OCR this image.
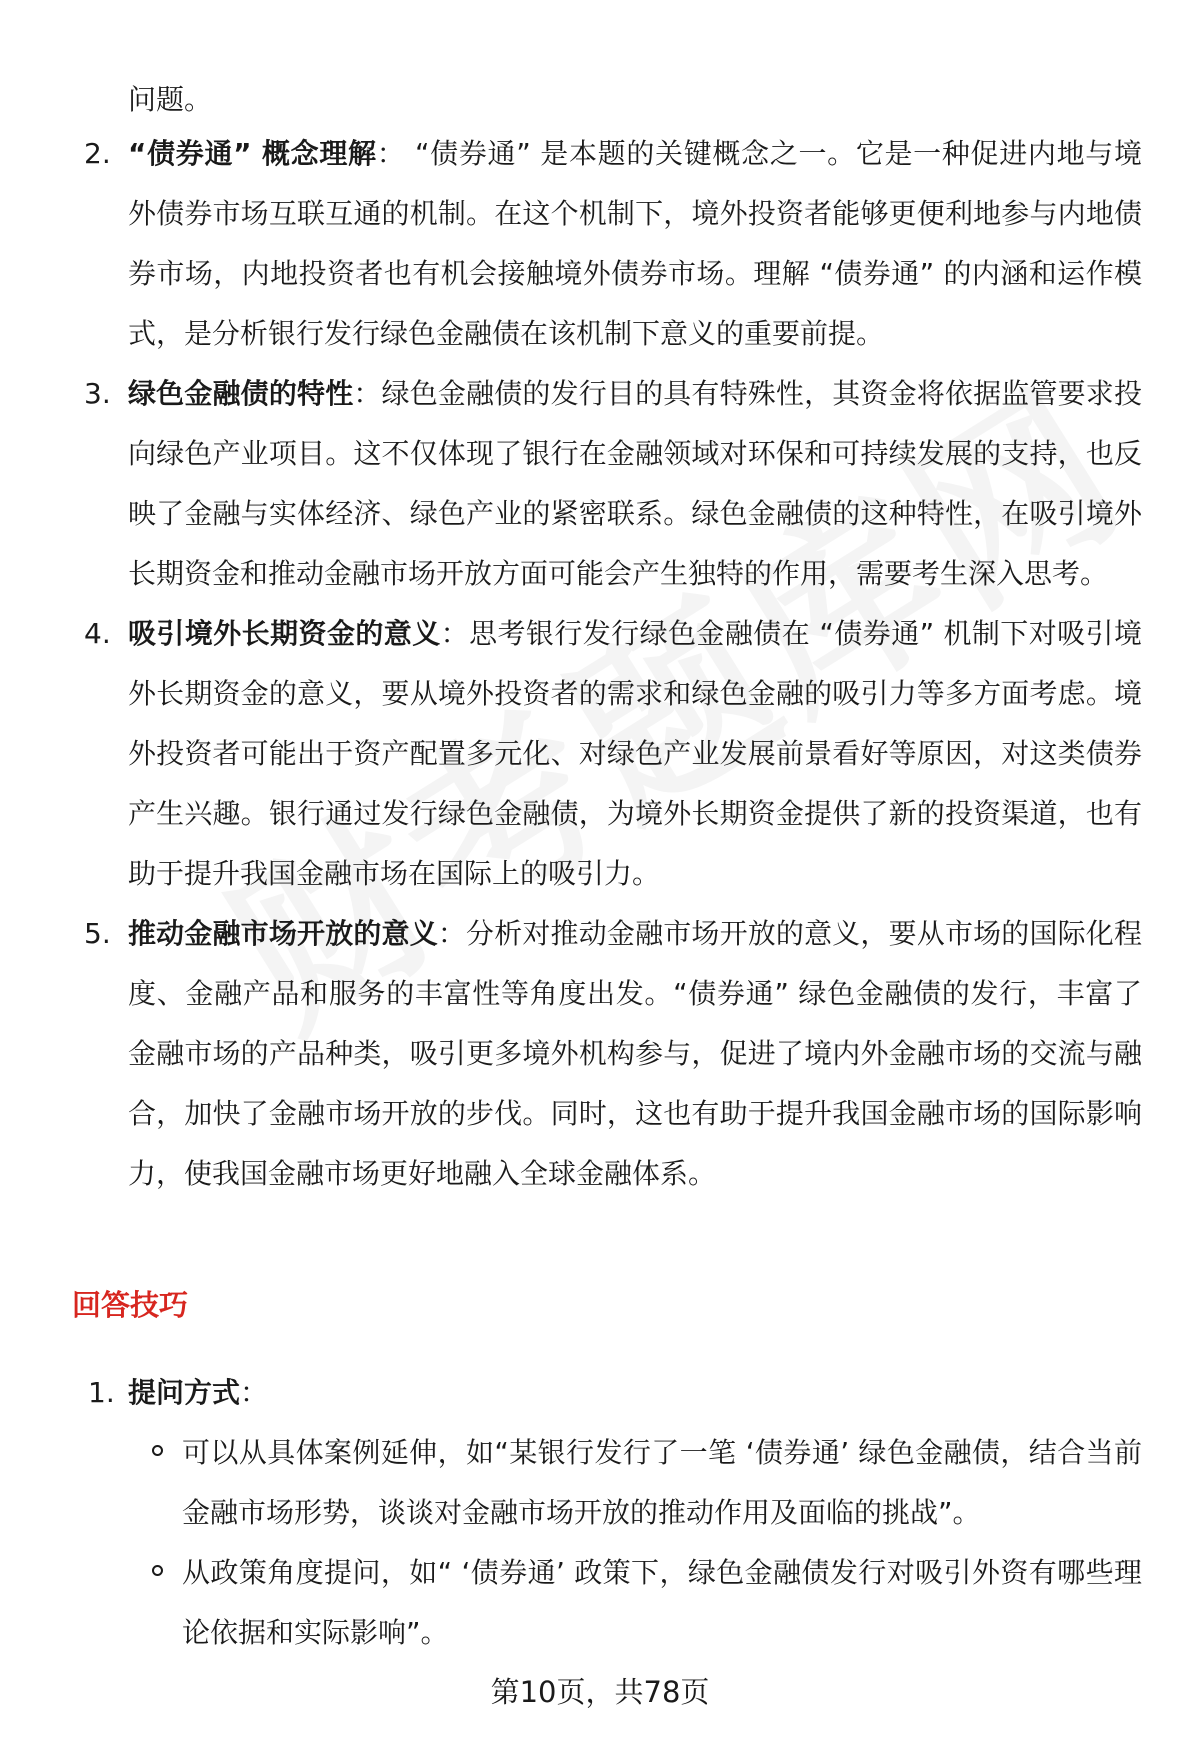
问题。

2. “债券通” 概念理解： “债券通” 是本题的关键概念之一。它是一种促进内地与境外债券市场互联互通的机制。在这个机制下，境外投资者能够更便利地参与内地债券市场，内地投资者也有机会接触境外债券市场。理解 “债券通” 的内涵和运作模式，是分析银行发行绿色金融债在该机制下意义的重要前提。
3. 绿色金融债的特性：绿色金融债的发行目的具有特殊性，其资金将依据监管要求投向绿色产业项目。这不仅体现了银行在金融领域对环保和可持续发展的支持，也反映了金融与实体经济、绿色产业的紧密联系。绿色金融债的这种特性，在吸引境外长期资金和推动金融市场开放方面可能会产生独特的作用，需要考生深入思考。
4. 吸引境外长期资金的意义：思考银行发行绿色金融债在 “债券通” 机制下对吸引境外长期资金的意义，要从境外投资者的需求和绿色金融的吸引力等多方面考虑。境外投资者可能出于资产配置多元化、对绿色产业发展前景看好等原因，对这类债券产生兴趣。银行通过发行绿色金融债，为境外长期资金提供了新的投资渠道，也有助于提升我国金融市场在国际上的吸引力。
5. 推动金融市场开放的意义：分析对推动金融市场开放的意义，要从市场的国际化程度、金融产品和服务的丰富性等角度出发。“债券通” 绿色金融债的发行，丰富了金融市场的产品种类，吸引更多境外机构参与，促进了境内外金融市场的交流与融合，加快了金融市场开放的步伐。同时，这也有助于提升我国金融市场的国际影响力，使我国金融市场更好地融入全球金融体系。
回答技巧
1. 提问方式：
可以从具体案例延伸，如“某银行发行了一笔 ‘债券通’ 绿色金融债，结合当前金融市场形势，谈谈对金融市场开放的推动作用及面临的挑战”。
从政策角度提问，如“ ‘债券通’ 政策下，绿色金融债发行对吸引外资有哪些理论依据和实际影响”。
第10页，共78页
